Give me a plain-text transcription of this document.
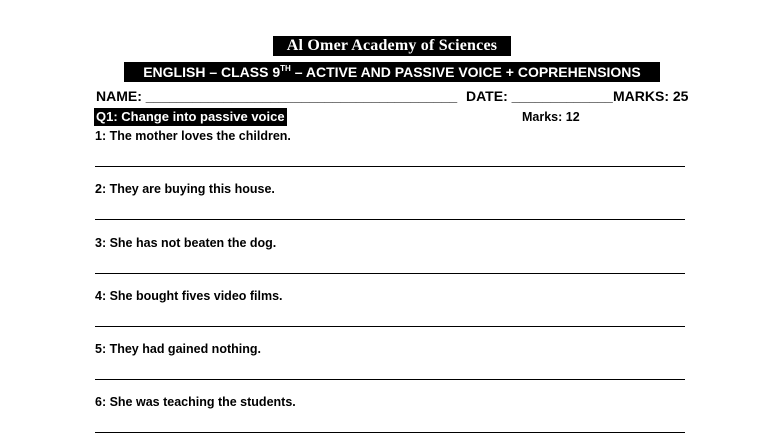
Al Omer Academy of Sciences
ENGLISH – CLASS 9TH – ACTIVE AND PASSIVE VOICE + COPREHENSIONS
NAME: ________________________________________ DATE: _____________ MARKS: 25
Q1: Change into passive voice	Marks: 12
1: The mother loves the children.
2: They are buying this house.
3: She has not beaten the dog.
4: She bought fives video films.
5: They had gained nothing.
6: She was teaching the students.
